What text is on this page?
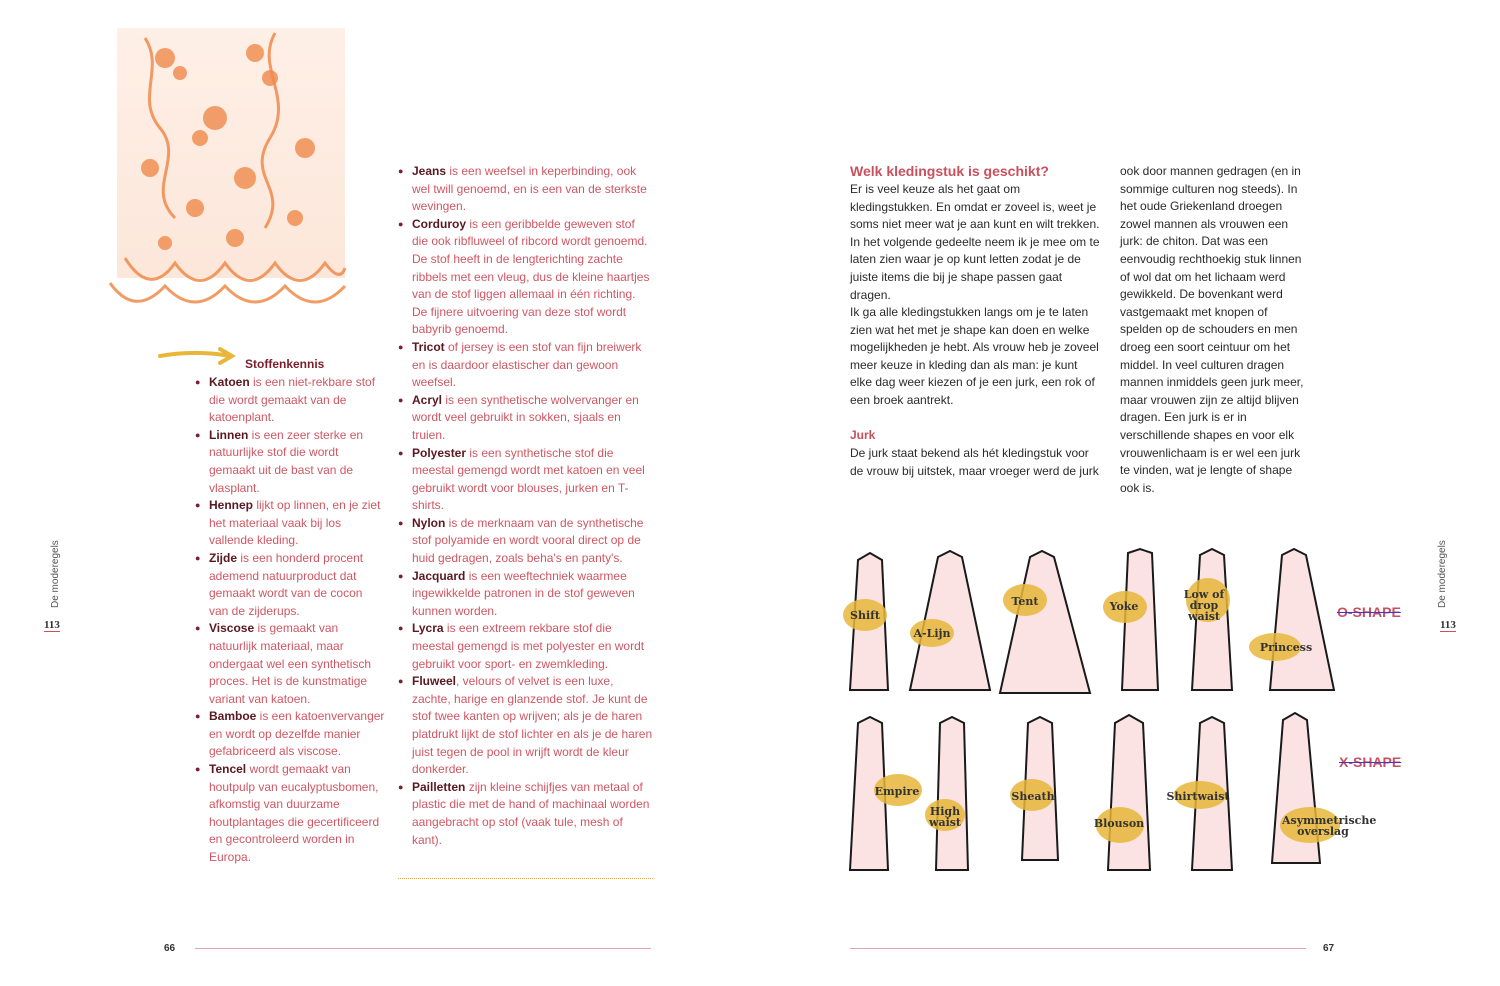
Stoffenkennis
● Katoen is een niet-rekbare stof die wordt gemaakt van de katoenplant.
● Linnen is een zeer sterke en natuurlijke stof die wordt gemaakt uit de bast van de vlasplant.
● Hennep lijkt op linnen, en je ziet het materiaal vaak bij los vallende kleding.
● Zijde is een honderd procent ademend natuurproduct dat gemaakt wordt van de cocon van de zijderups.
● Viscose is gemaakt van natuurlijk materiaal, maar ondergaat wel een synthetisch proces. Het is de kunstmatige variant van katoen.
● Bamboe is een katoenvervanger en wordt op dezelfde manier gefabriceerd als viscose.
● Tencel wordt gemaakt van houtpulp van eucalyptusbomen, afkomstig van duurzame houtplantages die gecertificeerd en gecontroleerd worden in Europa.
● Jeans is een weefsel in keperbinding, ook wel twill genoemd, en is een van de sterkste wevingen.
● Corduroy is een geribbelde geweven stof die ook ribfluweel of ribcord wordt genoemd. De stof heeft in de lengterichting zachte ribbels met een vleug, dus de kleine haartjes van de stof liggen allemaal in één richting. De fijnere uitvoering van deze stof wordt babyrib genoemd.
● Tricot of jersey is een stof van fijn breiwerk en is daardoor elastischer dan gewoon weefsel.
● Acryl is een synthetische wolvervanger en wordt veel gebruikt in sokken, sjaals en truien.
● Polyester is een synthetische stof die meestal gemengd wordt met katoen en veel gebruikt wordt voor blouses, jurken en T-shirts.
● Nylon is de merknaam van de synthetische stof polyamide en wordt vooral direct op de huid gedragen, zoals beha's en panty's.
● Jacquard is een weeftechniek waarmee ingewikkelde patronen in de stof geweven kunnen worden.
● Lycra is een extreem rekbare stof die meestal gemengd is met polyester en wordt gebruikt voor sport- en zwemkleding.
● Fluweel, velours of velvet is een luxe, zachte, harige en glanzende stof. Je kunt de stof twee kanten op wrijven; als je de haren platdrukt lijkt de stof lichter en als je de haren juist tegen de pool in wrijft wordt de kleur donkerder.
● Pailletten zijn kleine schijfjes van metaal of plastic die met de hand of machinaal worden aangebracht op stof (vaak tule, mesh of kant).
De moderegels
113
66
Welk kledingstuk is geschikt?

Er is veel keuze als het gaat om kledingstukken. En omdat er zoveel is, weet je soms niet meer wat je aan kunt en wilt trekken. In het volgende gedeelte neem ik je mee om te laten zien waar je op kunt letten zodat je de juiste items die bij je shape passen gaat dragen.

Ik ga alle kledingstukken langs om je te laten zien wat het met je shape kan doen en welke mogelijkheden je hebt. Als vrouw heb je zoveel meer keuze in kleding dan als man: je kunt elke dag weer kiezen of je een jurk, een rok of een broek aantrekt.

Jurk

De jurk staat bekend als hét kledingstuk voor de vrouw bij uitstek, maar vroeger werd de jurk

ook door mannen gedragen (en in sommige culturen nog steeds). In het oude Griekenland droegen zowel mannen als vrouwen een jurk: de chiton. Dat was een eenvoudig rechthoekig stuk linnen of wol dat om het lichaam werd gewikkeld. De bovenkant werd vastgemaakt met knopen of spelden op de schouders en men droeg een soort ceintuur om het middel. In veel culturen dragen mannen inmiddels geen jurk meer, maar vrouwen zijn ze altijd blijven dragen. Een jurk is er in verschillende shapes en voor elk vrouwenlichaam is er wel een jurk te vinden, wat je lengte of shape ook is.

Shift
A-Lijn
Tent	Yoke
Low of drop waist
Princess
Empire
High waist
Sheath
Blouson
Shirtwaist
Asymmetrische overslag
O-SHAPE
X-SHAPE
De moderegels
113
67
